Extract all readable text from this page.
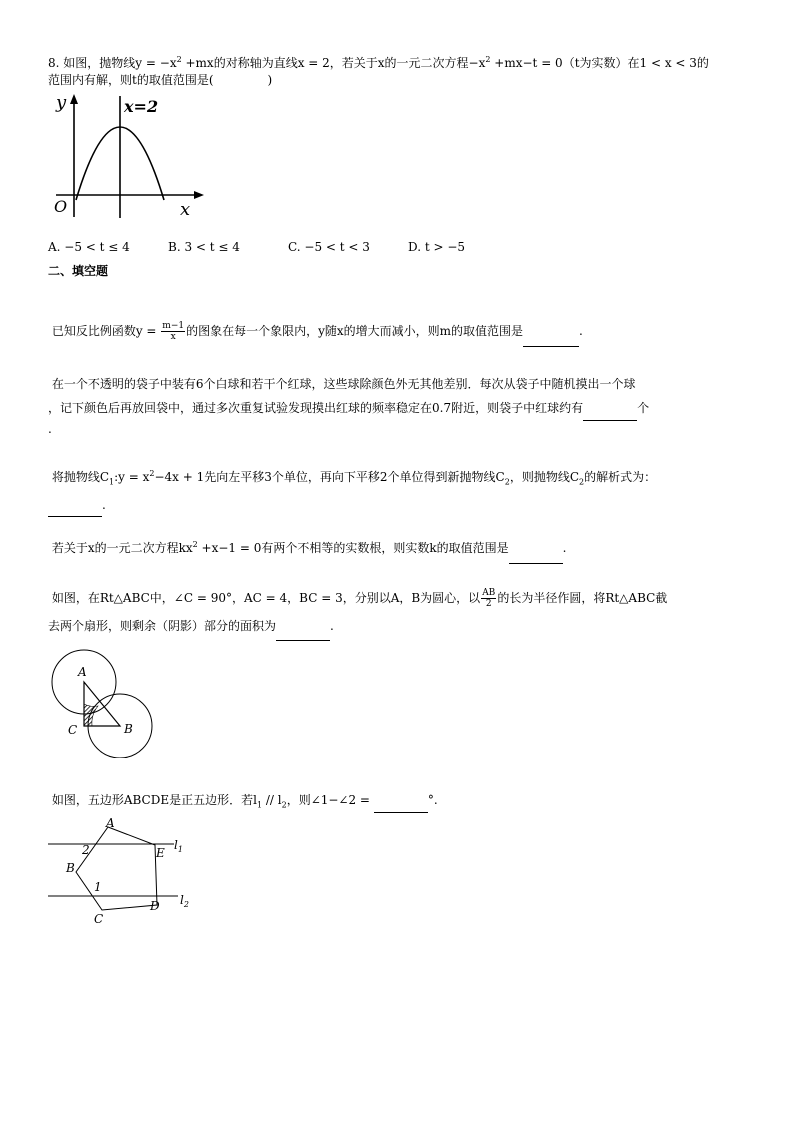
8. 如图，抛物线$y = -x^2 +mx$的对称轴为直线x = 2，若关于x的一元二次方程$-x^2 +mx-t = 0(t$为实数）在1 < x < 3的
范围内有解，则t的取值范围是(	)
y	x=2
O	x
A. −5 < t ≤ 4	B. 3 < t ≤ 4	C. −5 < t < 3	D. t > −5
二、填空题

已知反比例函数$y = \frac{m-1}{x}$ 的图象在每一个象限内，y随x的增大而减小，则m的取值范围是	.

在一个不透明的袋子中装有6个白球和若干个红球，这些球除颜色外无其他差别．每次从袋子中随机摸出一个球

，记下颜色后再放回袋中，通过多次重复试验发现摸出红球的频率稳定在0.7附近，则袋子中红球约有	个

.

将抛物线$C_1:y = x^2-4x + 1$先向左平移3个单位，再向下平移2个单位得到新抛物线$C_2$，则抛物线$C_2$的解析式为：

.

若关于x的一元二次方程$kx^2 +x-1 = 0$有两个不相等的实数根，则实数k的取值范围是	.

如图，在Rt△ABC中，∠C = 90°，AC = 4，BC = 3，分别以A，B为圆心，以 $\frac{AB}{2}$ 的长为半径作圆，将Rt△ABC截

去两个扇形，则剩余（阴影）部分的面积为	.

A
B
C

如图，五边形ABCDE是正五边形．若$l_1 // l_2$，则∠1−∠2 =	°.

A
E
B
C
D
2
1
$l_1$
$l_2$
